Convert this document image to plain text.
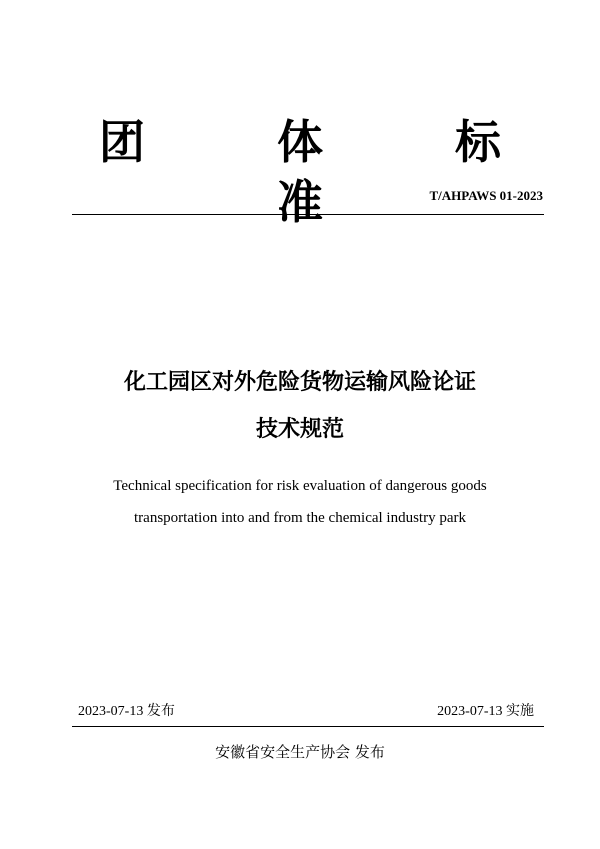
团 体 标 准	T/AHPAWS 01-2023
化工园区对外危险货物运输风险论证
技术规范
Technical specification for risk evaluation of dangerous goods
transportation into and from the chemical industry park
2023-07-13 发布	2023-07-13 实施
安徽省安全生产协会 发布
